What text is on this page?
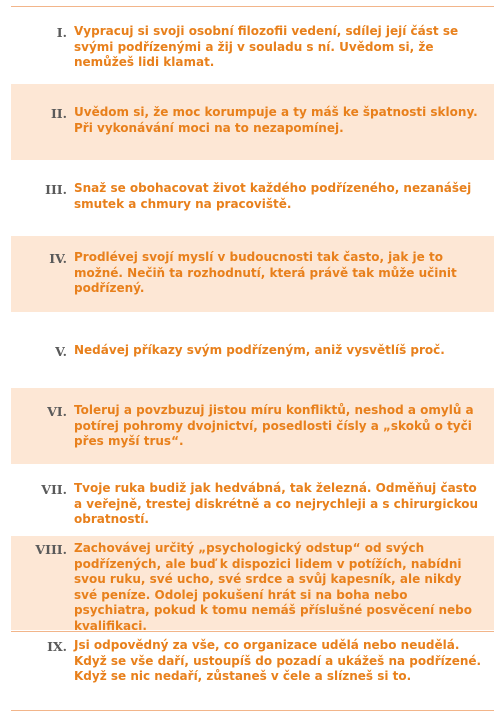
I. Vypracuj si svoji osobní filozofii vedení, sdílej její část se svými podřízenými a žij v souladu s ní. Uvědom si, že nemůžeš lidi klamat.
II. Uvědom si, že moc korumpuje a ty máš ke špatnosti sklony. Při vykonávání moci na to nezapomínej.
III. Snaž se obohacovat život každého podřízeného, nezanášej smutek a chmury na pracoviště.
IV. Prodlévej svojí myslí v budoucnosti tak často, jak je to možné. Nečiň ta rozhodnutí, která právě tak může učinit podřízený.
V. Nedávej příkazy svým podřízeným, aniž vysvětlíš proč.
VI. Toleruj a povzbuzuj jistou míru konfliktů, neshod a omylů a potírej pohromy dvojnictví, posedlosti čísly a „skoků o tyči přes myší trus“.
VII. Tvoje ruka budiž jak hedvábná, tak železná. Odměňuj často a veřejně, trestej diskrétně a co nejrychleji a s chirurgickou obratností.
VIII. Zachovávej určitý „psychologický odstup“ od svých podřízených, ale buď k dispozici lidem v potížích, nabídni svou ruku, své ucho, své srdce a svůj kapesník, ale nikdy své peníze. Odolej pokušení hrát si na boha nebo psychiatra, pokud k tomu nemáš příslušné posvěcení nebo kvalifikaci.
IX. Jsi odpovědný za vše, co organizace udělá nebo neudělá. Když se vše daří, ustoupíš do pozadí a ukážeš na podřízené. Když se nic nedaří, zůstaneš v čele a slízneš si to.
